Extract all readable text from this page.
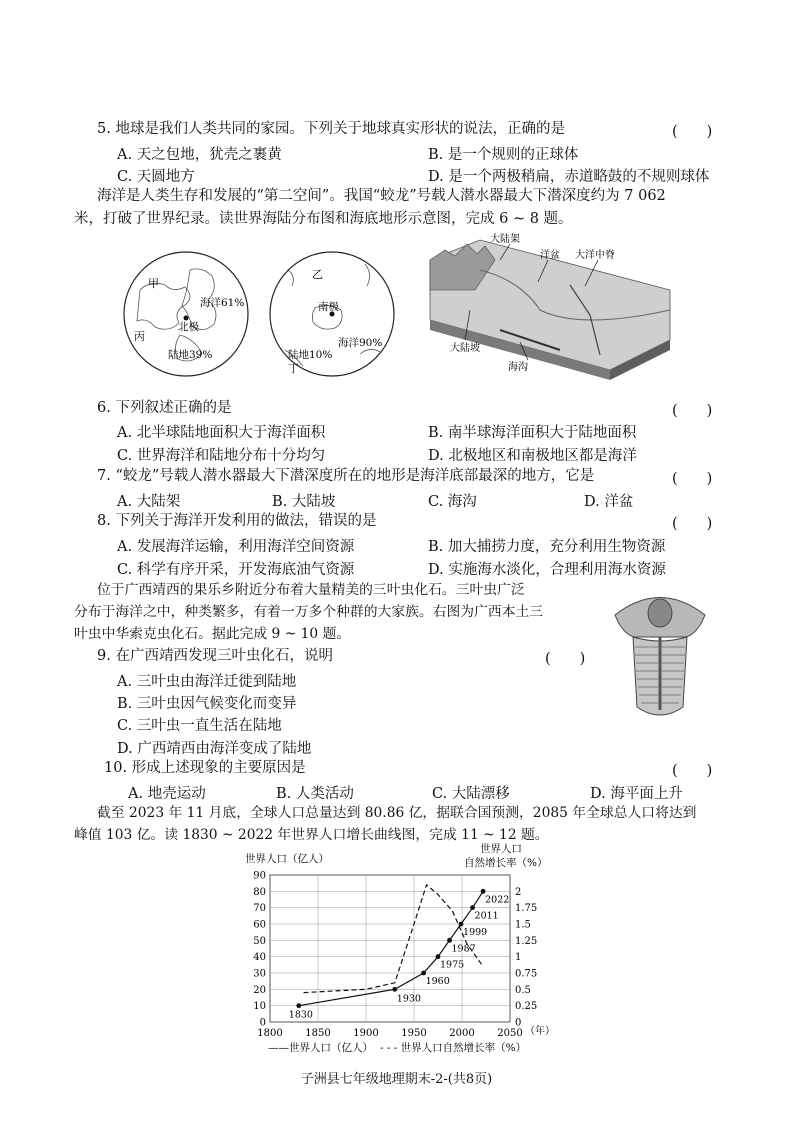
5. 地球是我们人类共同的家园。下列关于地球真实形状的说法，正确的是	(　　)
A. 天之包地，犹壳之裹黄	B. 是一个规则的正球体
C. 天圆地方	D. 是一个两极稍扁，赤道略鼓的不规则球体
海洋是人类生存和发展的“第二空间”。我国“蛟龙”号载人潜水器最大下潜深度约为 7 062
米，打破了世界纪录。读世界海陆分布图和海底地形示意图，完成 6 ~ 8 题。
甲
丙
海洋61%
北极
陆地39%
乙
丁
南极
海洋90%
陆地10%
大陆架
洋盆 大洋中脊
大陆坡
海沟
6. 下列叙述正确的是	(　　)
A. 北半球陆地面积大于海洋面积	B. 南半球海洋面积大于陆地面积
C. 世界海洋和陆地分布十分均匀	D. 北极地区和南极地区都是海洋
7. “蛟龙”号载人潜水器最大下潜深度所在的地形是海洋底部最深的地方，它是	(　　)
A. 大陆架	B. 大陆坡	C. 海沟	D. 洋盆
8. 下列关于海洋开发利用的做法，错误的是	(　　)
A. 发展海洋运输，利用海洋空间资源	B. 加大捕捞力度，充分利用生物资源
C. 科学有序开采，开发海底油气资源	D. 实施海水淡化，合理利用海水资源
位于广西靖西的果乐乡附近分布着大量精美的三叶虫化石。三叶虫广泛
分布于海洋之中，种类繁多，有着一万多个种群的大家族。右图为广西本土三
叶虫中华索克虫化石。据此完成 9 ~ 10 题。
9. 在广西靖西发现三叶虫化石，说明	(　　)
A. 三叶虫由海洋迁徙到陆地
B. 三叶虫因气候变化而变异
C. 三叶虫一直生活在陆地
D. 广西靖西由海洋变成了陆地
10. 形成上述现象的主要原因是	(　　)
A. 地壳运动	B. 人类活动	C. 大陆漂移	D. 海平面上升
截至 2023 年 11 月底，全球人口总量达到 80.86 亿，据联合国预测，2085 年全球总人口将达到
峰值 103 亿。读 1830 ~ 2022 年世界人口增长曲线图，完成 11 ~ 12 题。
0
10
20
30
40
50
60
70
80
90
1800 1850 1900 1950 2000 2050
0
0.25
0.5
0.75
1
1.25
1.5
1.75
2
1830
1930
1960
1975
1987
1999
2011
2022
世界人口（亿人）
世界人口
自然增长率（%）
（年）
——世界人口（亿人） - - - 世界人口自然增长率（%）
子洲县七年级地理期末-2-(共8页)
